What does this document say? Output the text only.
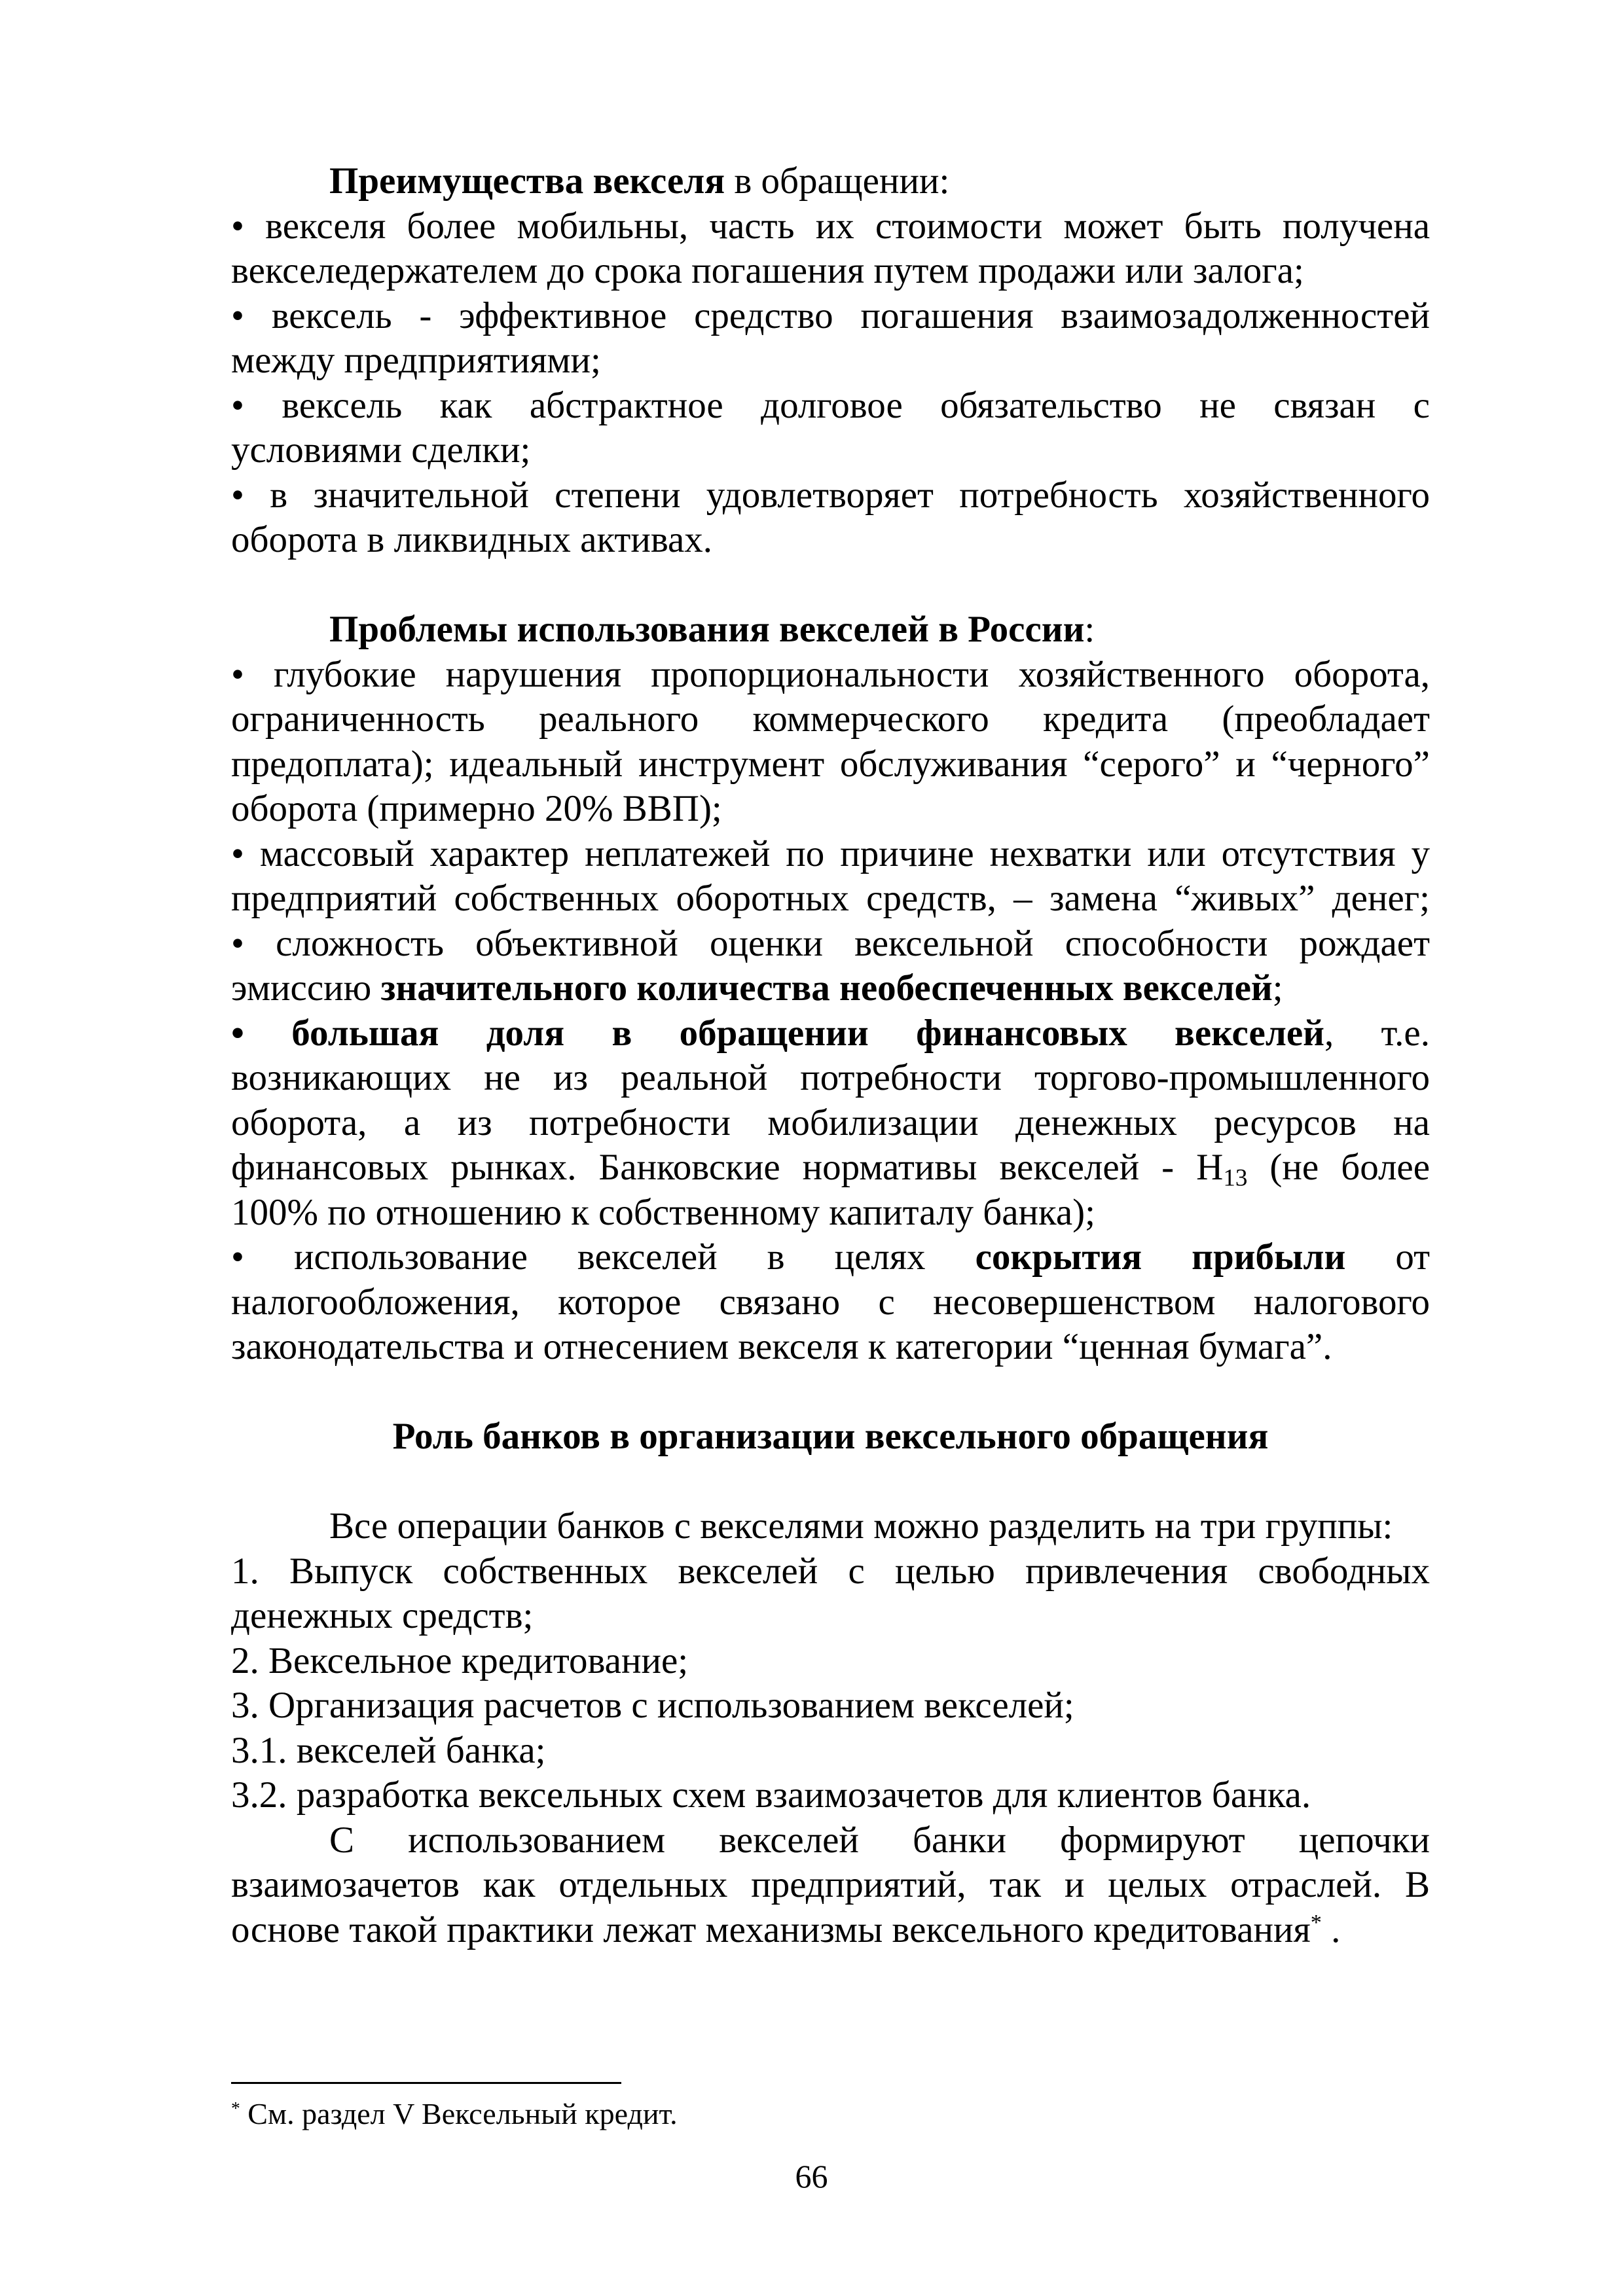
Преимущества векселя в обращении:
• векселя более мобильны, часть их стоимости может быть получена
векселедержателем до срока погашения путем продажи или залога;
• вексель - эффективное средство погашения взаимозадолженностей
между предприятиями;
• вексель как абстрактное долговое обязательство не связан с
условиями сделки;
• в значительной степени удовлетворяет потребность хозяйственного
оборота в ликвидных активах.
Проблемы использования векселей в России:
• глубокие нарушения пропорциональности хозяйственного оборота,
ограниченность реального коммерческого кредита (преобладает
предоплата); идеальный инструмент обслуживания “серого” и “черного”
оборота (примерно 20% ВВП);
• массовый характер неплатежей по причине нехватки или отсутствия у
предприятий собственных оборотных средств, – замена “живых” денег;
• сложность объективной оценки вексельной способности рождает
эмиссию значительного количества необеспеченных векселей;
• большая доля в обращении финансовых векселей, т.е.
возникающих не из реальной потребности торгово-промышленного
оборота, а из потребности мобилизации денежных ресурсов на
финансовых рынках. Банковские нормативы векселей - $Н_{13}$ (не более
100% по отношению к собственному капиталу банка);
• использование векселей в целях сокрытия прибыли от
налогообложения, которое связано с несовершенством налогового
законодательства и отнесением векселя к категории “ценная бумага”.
Роль банков в организации вексельного обращения
Все операции банков с векселями можно разделить на три группы:
1. Выпуск собственных векселей с целью привлечения свободных
денежных средств;
2. Вексельное кредитование;
3. Организация расчетов с использованием векселей;
3.1. векселей банка;
3.2. разработка вексельных схем взаимозачетов для клиентов банка.
С использованием векселей банки формируют цепочки
взаимозачетов как отдельных предприятий, так и целых отраслей. В
основе такой практики лежат механизмы вексельного кредитования* .
* См. раздел V Вексельный кредит.
66
